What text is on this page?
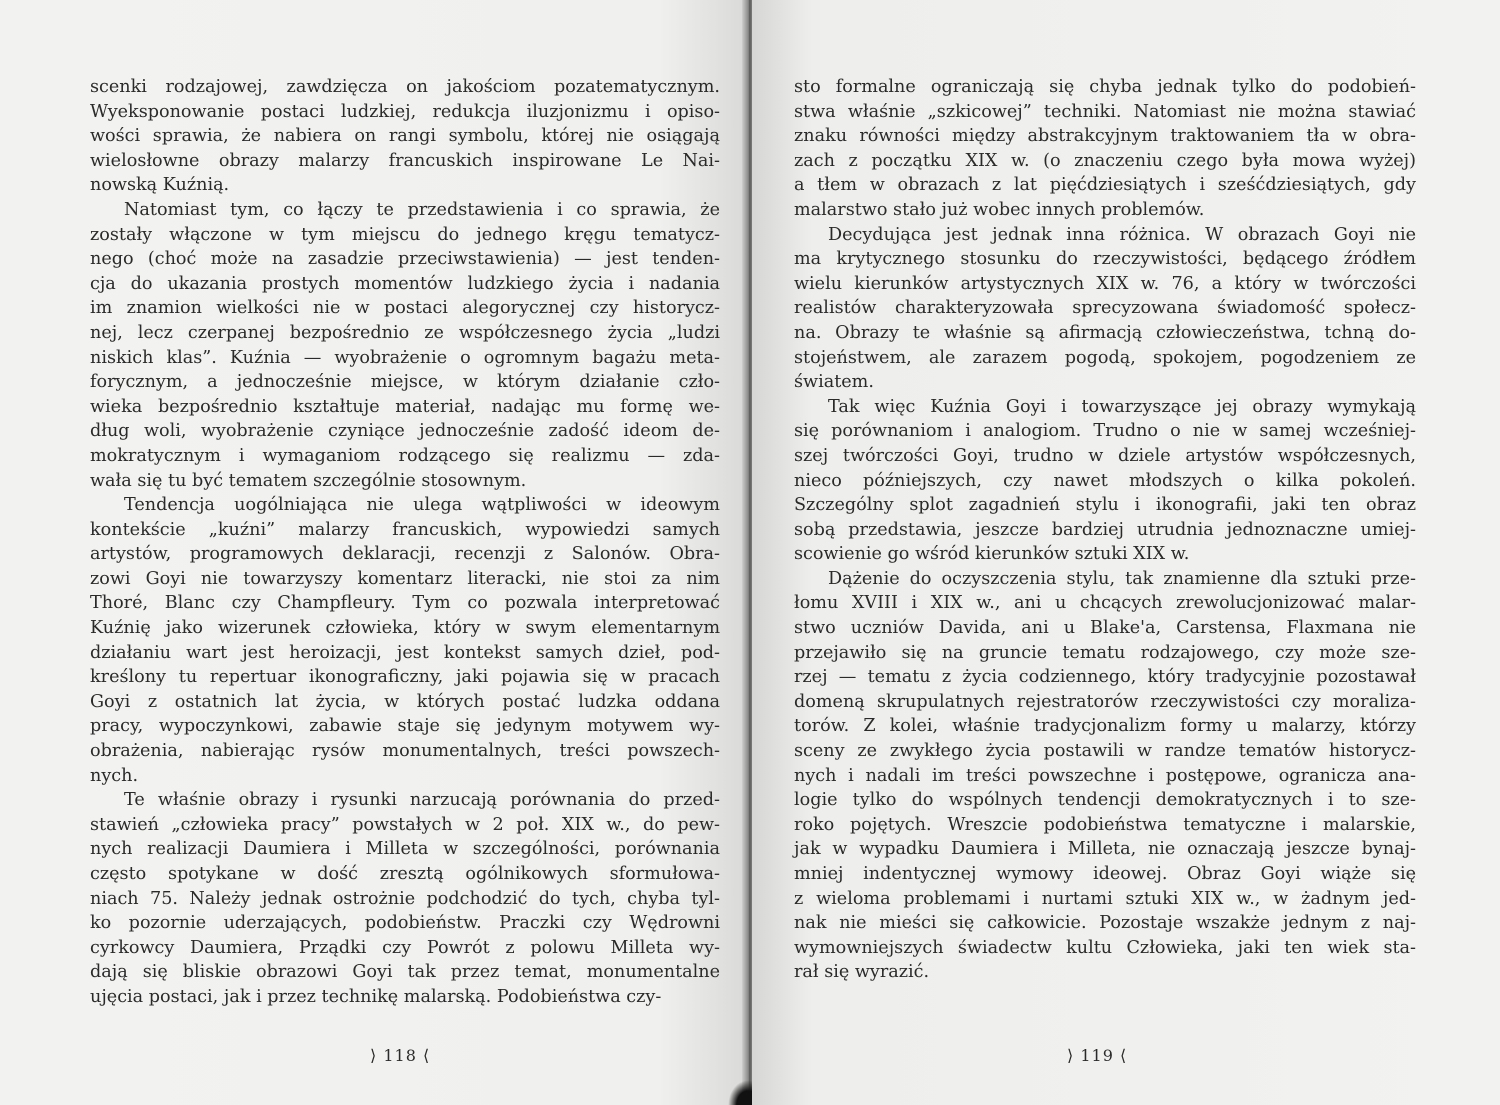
scenki rodzajowej, zawdzięcza on jakościom pozatematycznym.
Wyeksponowanie postaci ludzkiej, redukcja iluzjonizmu i opiso-
wości sprawia, że nabiera on rangi symbolu, której nie osiągają
wielosłowne obrazy malarzy francuskich inspirowane Le Nai-
nowską Kuźnią.
Natomiast tym, co łączy te przedstawienia i co sprawia, że
zostały włączone w tym miejscu do jednego kręgu tematycz-
nego (choć może na zasadzie przeciwstawienia) — jest tenden-
cja do ukazania prostych momentów ludzkiego życia i nadania
im znamion wielkości nie w postaci alegorycznej czy historycz-
nej, lecz czerpanej bezpośrednio ze współczesnego życia „ludzi
niskich klas”. Kuźnia — wyobrażenie o ogromnym bagażu meta-
forycznym, a jednocześnie miejsce, w którym działanie czło-
wieka bezpośrednio kształtuje materiał, nadając mu formę we-
dług woli, wyobrażenie czyniące jednocześnie zadość ideom de-
mokratycznym i wymaganiom rodzącego się realizmu — zda-
wała się tu być tematem szczególnie stosownym.
Tendencja uogólniająca nie ulega wątpliwości w ideowym
kontekście „kuźni” malarzy francuskich, wypowiedzi samych
artystów, programowych deklaracji, recenzji z Salonów. Obra-
zowi Goyi nie towarzyszy komentarz literacki, nie stoi za nim
Thoré, Blanc czy Champfleury. Tym co pozwala interpretować
Kuźnię jako wizerunek człowieka, który w swym elementarnym
działaniu wart jest heroizacji, jest kontekst samych dzieł, pod-
kreślony tu repertuar ikonograficzny, jaki pojawia się w pracach
Goyi z ostatnich lat życia, w których postać ludzka oddana
pracy, wypoczynkowi, zabawie staje się jedynym motywem wy-
obrażenia, nabierając rysów monumentalnych, treści powszech-
nych.
Te właśnie obrazy i rysunki narzucają porównania do przed-
stawień „człowieka pracy” powstałych w 2 poł. XIX w., do pew-
nych realizacji Daumiera i Milleta w szczególności, porównania
często spotykane w dość zresztą ogólnikowych sformułowa-
niach 75. Należy jednak ostrożnie podchodzić do tych, chyba tyl-
ko pozornie uderzających, podobieństw. Praczki czy Wędrowni
cyrkowcy Daumiera, Prządki czy Powrót z polowu Milleta wy-
dają się bliskie obrazowi Goyi tak przez temat, monumentalne
ujęcia postaci, jak i przez technikę malarską. Podobieństwa czy-
⟩ 118 ⟨
sto formalne ograniczają się chyba jednak tylko do podobień-
stwa właśnie „szkicowej” techniki. Natomiast nie można stawiać
znaku równości między abstrakcyjnym traktowaniem tła w obra-
zach z początku XIX w. (o znaczeniu czego była mowa wyżej)
a tłem w obrazach z lat pięćdziesiątych i sześćdziesiątych, gdy
malarstwo stało już wobec innych problemów.
Decydująca jest jednak inna różnica. W obrazach Goyi nie
ma krytycznego stosunku do rzeczywistości, będącego źródłem
wielu kierunków artystycznych XIX w. 76, a który w twórczości
realistów charakteryzowała sprecyzowana świadomość społecz-
na. Obrazy te właśnie są afirmacją człowieczeństwa, tchną do-
stojeństwem, ale zarazem pogodą, spokojem, pogodzeniem ze
światem.
Tak więc Kuźnia Goyi i towarzyszące jej obrazy wymykają
się porównaniom i analogiom. Trudno o nie w samej wcześniej-
szej twórczości Goyi, trudno w dziele artystów współczesnych,
nieco późniejszych, czy nawet młodszych o kilka pokoleń.
Szczególny splot zagadnień stylu i ikonografii, jaki ten obraz
sobą przedstawia, jeszcze bardziej utrudnia jednoznaczne umiej-
scowienie go wśród kierunków sztuki XIX w.
Dążenie do oczyszczenia stylu, tak znamienne dla sztuki prze-
łomu XVIII i XIX w., ani u chcących zrewolucjonizować malar-
stwo uczniów Davida, ani u Blake'a, Carstensa, Flaxmana nie
przejawiło się na gruncie tematu rodzajowego, czy może sze-
rzej — tematu z życia codziennego, który tradycyjnie pozostawał
domeną skrupulatnych rejestratorów rzeczywistości czy moraliza-
torów. Z kolei, właśnie tradycjonalizm formy u malarzy, którzy
sceny ze zwykłego życia postawili w randze tematów historycz-
nych i nadali im treści powszechne i postępowe, ogranicza ana-
logie tylko do wspólnych tendencji demokratycznych i to sze-
roko pojętych. Wreszcie podobieństwa tematyczne i malarskie,
jak w wypadku Daumiera i Milleta, nie oznaczają jeszcze bynaj-
mniej indentycznej wymowy ideowej. Obraz Goyi wiąże się
z wieloma problemami i nurtami sztuki XIX w., w żadnym jed-
nak nie mieści się całkowicie. Pozostaje wszakże jednym z naj-
wymowniejszych świadectw kultu Człowieka, jaki ten wiek sta-
rał się wyrazić.
⟩ 119 ⟨
